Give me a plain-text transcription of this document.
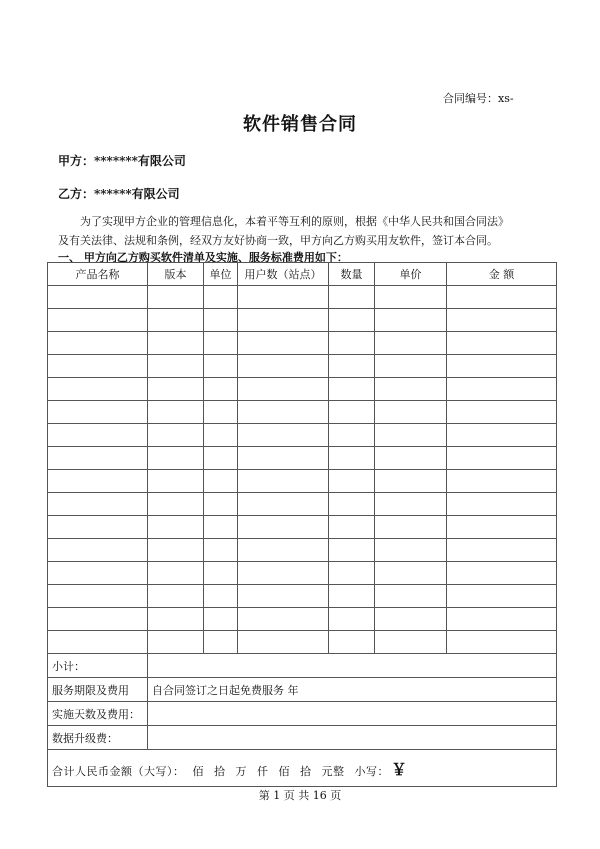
合同编号：xs-
软件销售合同
甲方：*******有限公司
乙方：******有限公司

为了实现甲方企业的管理信息化，本着平等互利的原则，根据《中华人民共和国合同法》

及有关法律、法规和条例，经双方友好协商一致，甲方向乙方购买用友软件，签订本合同。

一、 甲方向乙方购买软件清单及实施、服务标准费用如下：
产品名称	版本	单位	用户数（站点）	数量	单价	金 额

小计：						
服务期限及费用	自合同签订之日起免费服务 年					
实施天数及费用：						
数据升级费：						
合计人民币金额（大写）： 佰 拾 万 仟 佰 拾 元整 小写： ￥						
第 1 页 共 16 页
